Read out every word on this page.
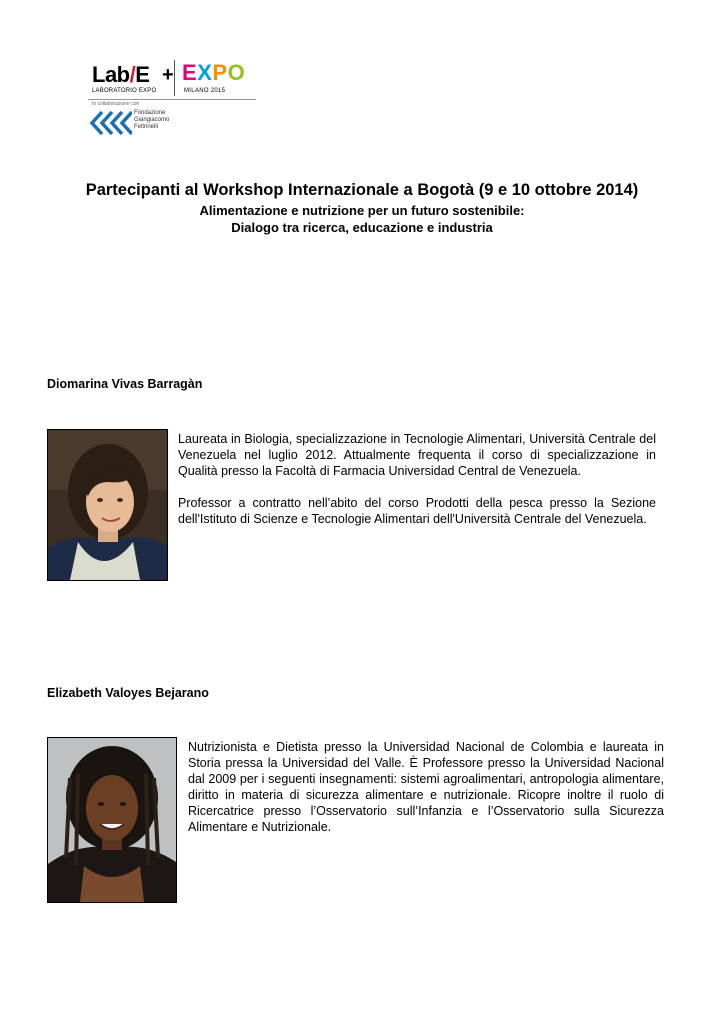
Lab/E
LABORATORIO EXPO
+ EXPO
MILANO 2015
In collaborazione con
Fondazione
Giangiacomo
Feltrinelli
Partecipanti al Workshop Internazionale a Bogotà (9 e 10 ottobre 2014)
Alimentazione e nutrizione per un futuro sostenibile:
Dialogo tra ricerca, educazione e industria
Diomarina Vivas Barragàn

Laureata in Biologia, specializzazione in Tecnologie Alimentari, Università Centrale del Venezuela nel luglio 2012. Attualmente frequenta il corso di specializzazione in Qualità presso la Facoltà di Farmacia Universidad Central de Venezuela.

Professor a contratto nell’abito del corso Prodotti della pesca presso la Sezione dell'Istituto di Scienze e Tecnologie Alimentari dell'Università Centrale del Venezuela.

Elizabeth Valoyes Bejarano

Nutrizionista e Dietista presso la Universidad Nacional de Colombia e laureata in Storia pressa la Universidad del Valle. È Professore presso la Universidad Nacional dal 2009 per i seguenti insegnamenti: sistemi agroalimentari, antropologia alimentare, diritto in materia di sicurezza alimentare e nutrizionale. Ricopre inoltre il ruolo di Ricercatrice presso l’Osservatorio sull’Infanzia e l’Osservatorio sulla Sicurezza Alimentare e Nutrizionale.
